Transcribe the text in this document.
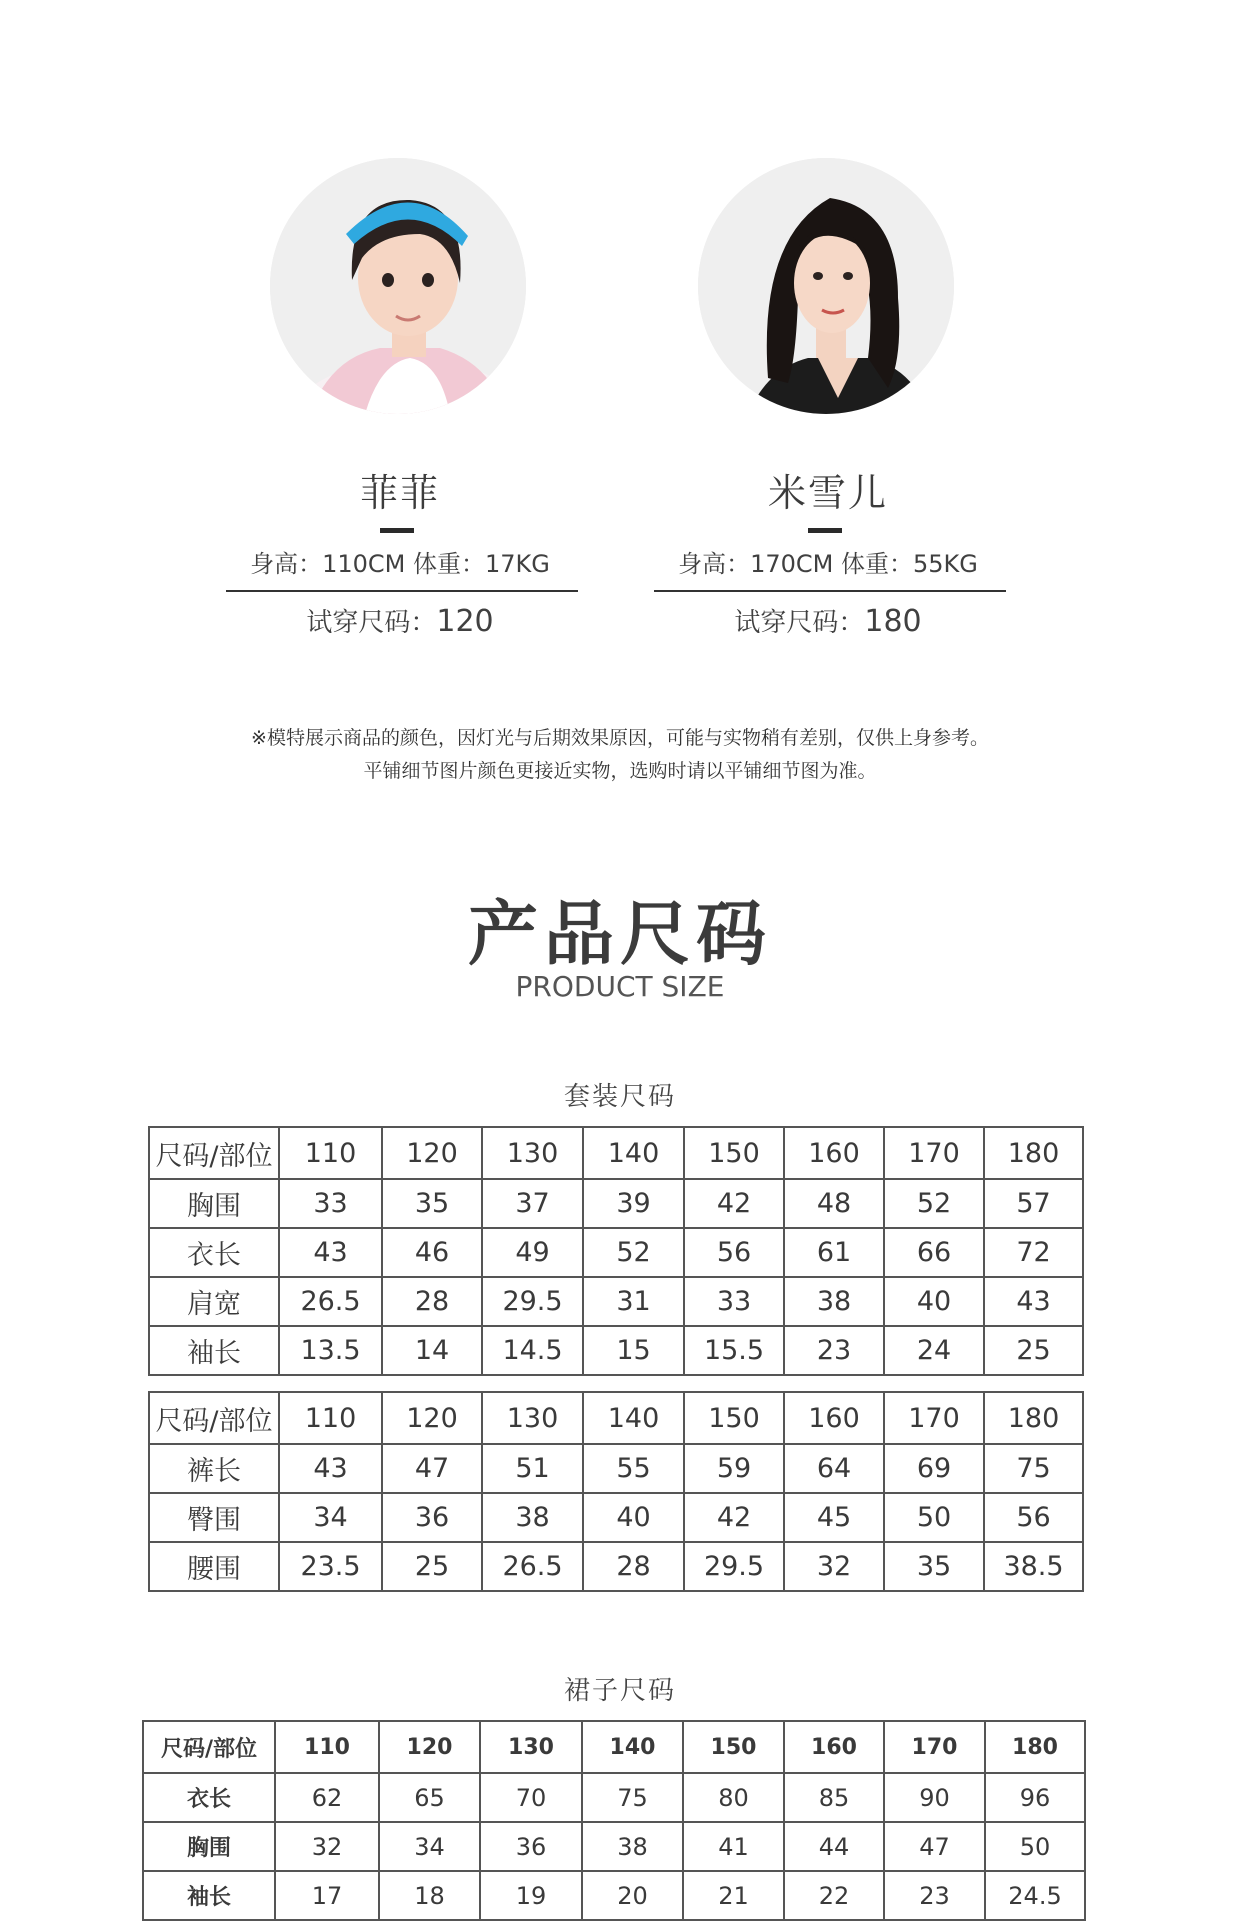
菲菲
身高：110CM 体重：17KG
试穿尺码：120
米雪儿
身高：170CM 体重：55KG
试穿尺码：180
※模特展示商品的颜色，因灯光与后期效果原因，可能与实物稍有差别，仅供上身参考。
平铺细节图片颜色更接近实物，选购时请以平铺细节图为准。
产品尺码
PRODUCT SIZE
套装尺码
尺码/部位	110	120	130	140	150	160	170	180
胸围	33	35	37	39	42	48	52	57
衣长	43	46	49	52	56	61	66	72
肩宽	26.5	28	29.5	31	33	38	40	43
袖长	13.5	14	14.5	15	15.5	23	24	25
尺码/部位	110	120	130	140	150	160	170	180
裤长	43	47	51	55	59	64	69	75
臀围	34	36	38	40	42	45	50	56
腰围	23.5	25	26.5	28	29.5	32	35	38.5
裙子尺码
尺码/部位	110	120	130	140	150	160	170	180
衣长	62	65	70	75	80	85	90	96
胸围	32	34	36	38	41	44	47	50
袖长	17	18	19	20	21	22	23	24.5
